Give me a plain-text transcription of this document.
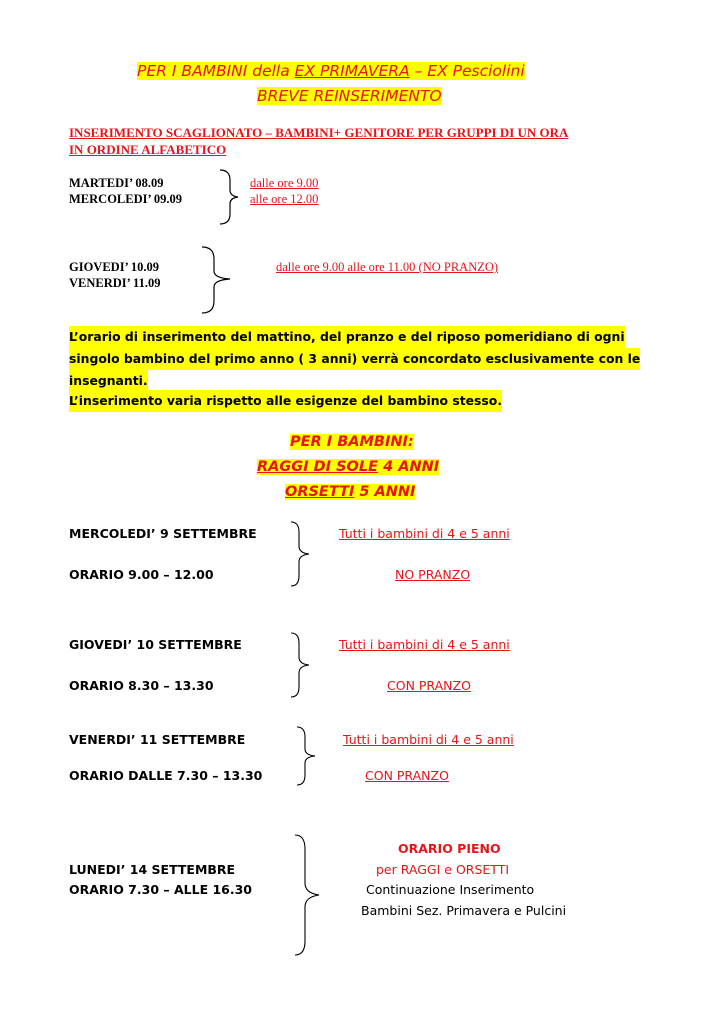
PER I BAMBINI della EX PRIMAVERA – EX Pesciolini
BREVE REINSERIMENTO
INSERIMENTO SCAGLIONATO – BAMBINI+ GENITORE PER GRUPPI DI UN ORA
IN ORDINE ALFABETICO
MARTEDI’ 08.09
MERCOLEDI’ 09.09
dalle ore 9.00
alle ore 12.00
GIOVEDI’ 10.09
VENERDI’ 11.09
dalle ore 9.00 alle ore 11.00 (NO PRANZO)
L’orario di inserimento del mattino, del pranzo e del riposo pomeridiano di ogni
singolo bambino del primo anno ( 3 anni) verrà concordato esclusivamente con le
insegnanti.
L’inserimento varia rispetto alle esigenze del bambino stesso.
PER I BAMBINI:
RAGGI DI SOLE 4 ANNI
ORSETTI 5 ANNI
MERCOLEDI’ 9 SETTEMBRE
ORARIO 9.00 – 12.00
Tutti i bambini di 4 e 5 anni
NO PRANZO
GIOVEDI’ 10 SETTEMBRE
ORARIO 8.30 – 13.30
Tutti i bambini di 4 e 5 anni
CON PRANZO
VENERDI’ 11 SETTEMBRE
ORARIO DALLE 7.30 – 13.30
Tutti i bambini di 4 e 5 anni
CON PRANZO
LUNEDI’ 14 SETTEMBRE
ORARIO 7.30 – ALLE 16.30
ORARIO PIENO
per RAGGI e ORSETTI
Continuazione Inserimento
Bambini Sez. Primavera e Pulcini
